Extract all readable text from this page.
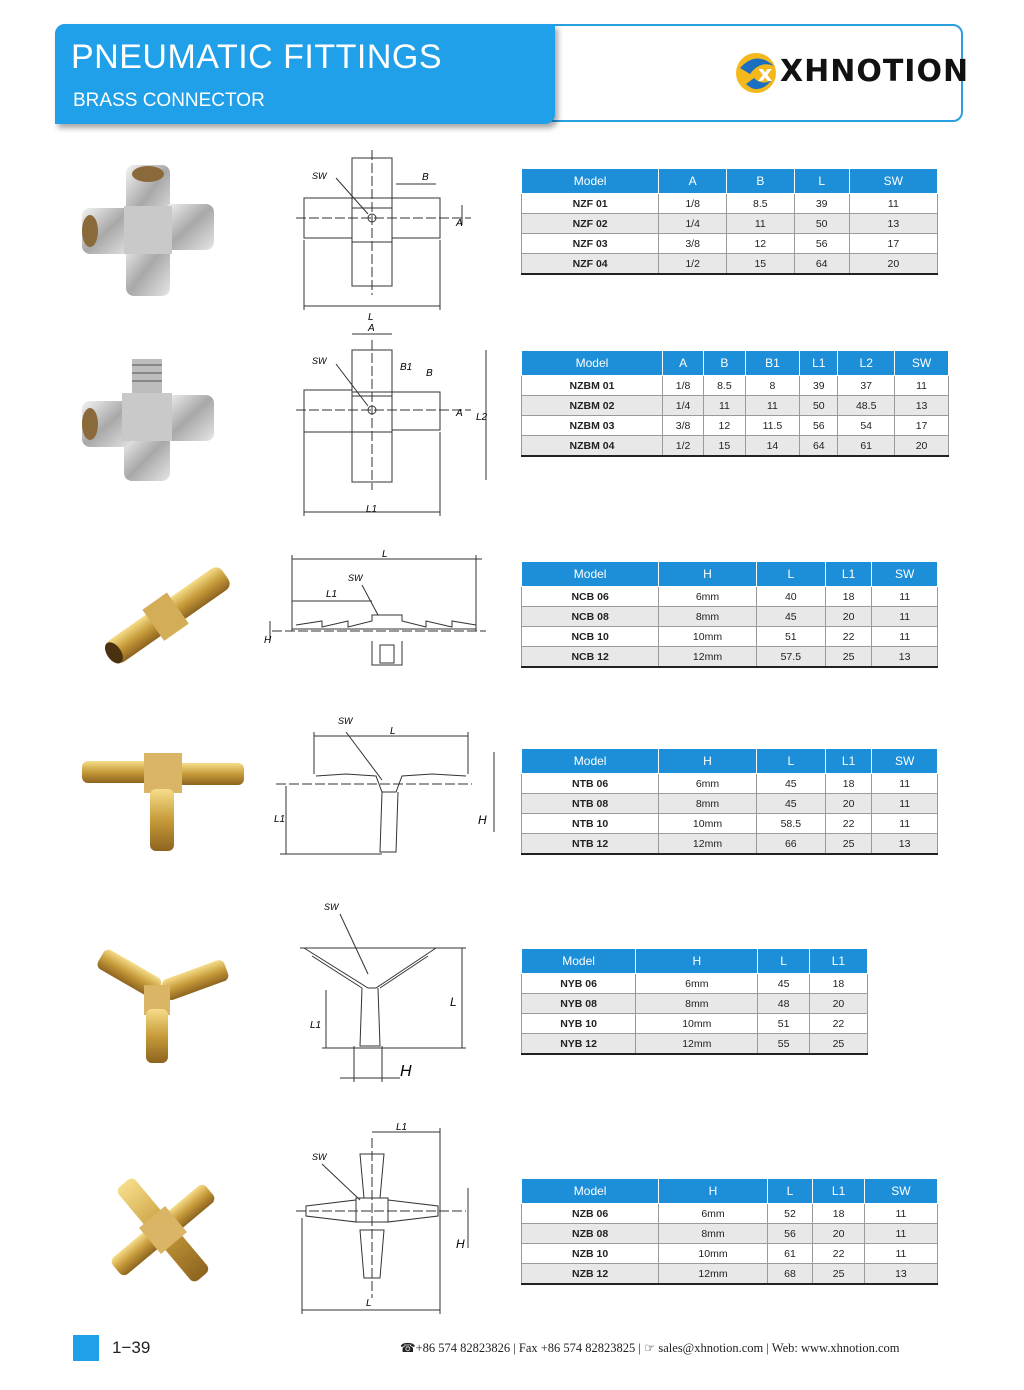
PNEUMATIC FITTINGS
BRASS CONNECTOR
x XHNOTION
SW	B
A
L
A
SW
B1
B
A L2
L1
L
SW
L1
H
SW
L
L1	H
SW
L
L1
H
L1
SW
H
L
Model	A	B	L	SW
NZF 01	1/8	8.5	39	11
NZF 02	1/4	11	50	13
NZF 03	3/8	12	56	17
NZF 04	1/2	15	64	20
Model	A	B	B1	L1	L2	SW
NZBM 01	1/8	8.5	8	39	37	11
NZBM 02	1/4	11	11	50	48.5	13
NZBM 03	3/8	12	11.5	56	54	17
NZBM 04	1/2	15	14	64	61	20
Model	H	L	L1	SW
NCB 06	6mm	40	18	11
NCB 08	8mm	45	20	11
NCB 10	10mm	51	22	11
NCB 12	12mm	57.5	25	13
Model	H	L	L1	SW
NTB 06	6mm	45	18	11
NTB 08	8mm	45	20	11
NTB 10	10mm	58.5	22	11
NTB 12	12mm	66	25	13
Model	H	L	L1
NYB 06	6mm	45	18
NYB 08	8mm	48	20
NYB 10	10mm	51	22
NYB 12	12mm	55	25
Model	H	L	L1	SW
NZB 06	6mm	52	18	11
NZB 08	8mm	56	20	11
NZB 10	10mm	61	22	11
NZB 12	12mm	68	25	13
1−39	☎+86 574 82823826 | Fax +86 574 82823825 | ☞ sales@xhnotion.com | Web: www.xhnotion.com
